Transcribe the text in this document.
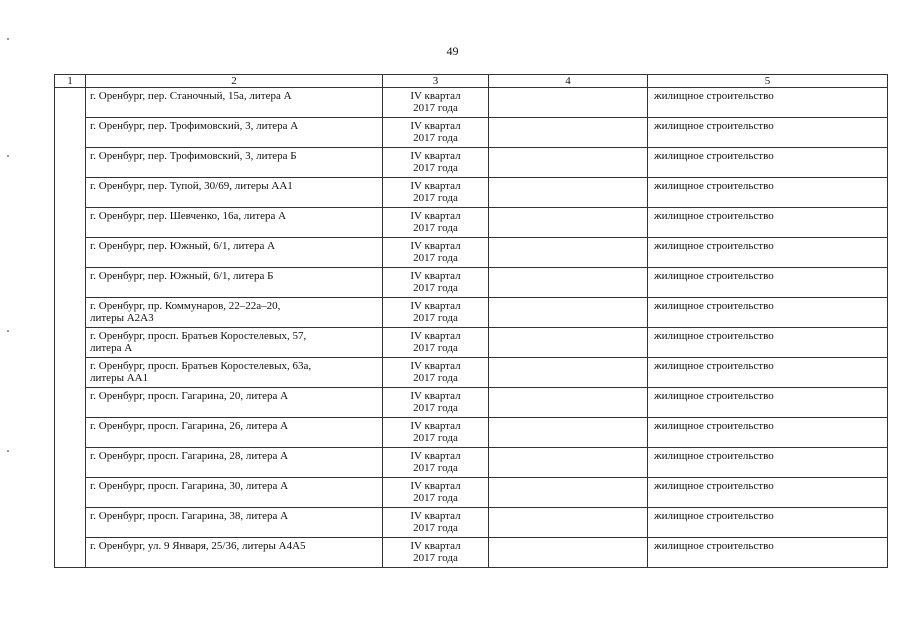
49
1	2	3	4	5

	г. Оренбург, пер. Станочный, 15а, литера А	IV квартал
2017 года		жилищное строительство

	г. Оренбург, пер. Трофимовский, 3, литера А	IV квартал
2017 года		жилищное строительство

	г. Оренбург, пер. Трофимовский, 3, литера Б	IV квартал
2017 года		жилищное строительство

	г. Оренбург, пер. Тупой, 30/69, литеры АА1	IV квартал
2017 года		жилищное строительство

	г. Оренбург, пер. Шевченко, 16а, литера А	IV квартал
2017 года		жилищное строительство

	г. Оренбург, пер. Южный, 6/1, литера А	IV квартал
2017 года		жилищное строительство

	г. Оренбург, пер. Южный, 6/1, литера Б	IV квартал
2017 года		жилищное строительство

	г. Оренбург, пр. Коммунаров, 22–22а–20,
литеры А2А3	IV квартал
2017 года		жилищное строительство

	г. Оренбург, просп. Братьев Коростелевых, 57,
литера А	IV квартал
2017 года		жилищное строительство

	г. Оренбург, просп. Братьев Коростелевых, 63а,
литеры АА1	IV квартал
2017 года		жилищное строительство

	г. Оренбург, просп. Гагарина, 20, литера А	IV квартал
2017 года		жилищное строительство

	г. Оренбург, просп. Гагарина, 26, литера А	IV квартал
2017 года		жилищное строительство

	г. Оренбург, просп. Гагарина, 28, литера А	IV квартал
2017 года		жилищное строительство

	г. Оренбург, просп. Гагарина, 30, литера А	IV квартал
2017 года		жилищное строительство

	г. Оренбург, просп. Гагарина, 38, литера А	IV квартал
2017 года		жилищное строительство

	г. Оренбург, ул. 9 Января, 25/36, литеры А4А5	IV квартал
2017 года		жилищное строительство
